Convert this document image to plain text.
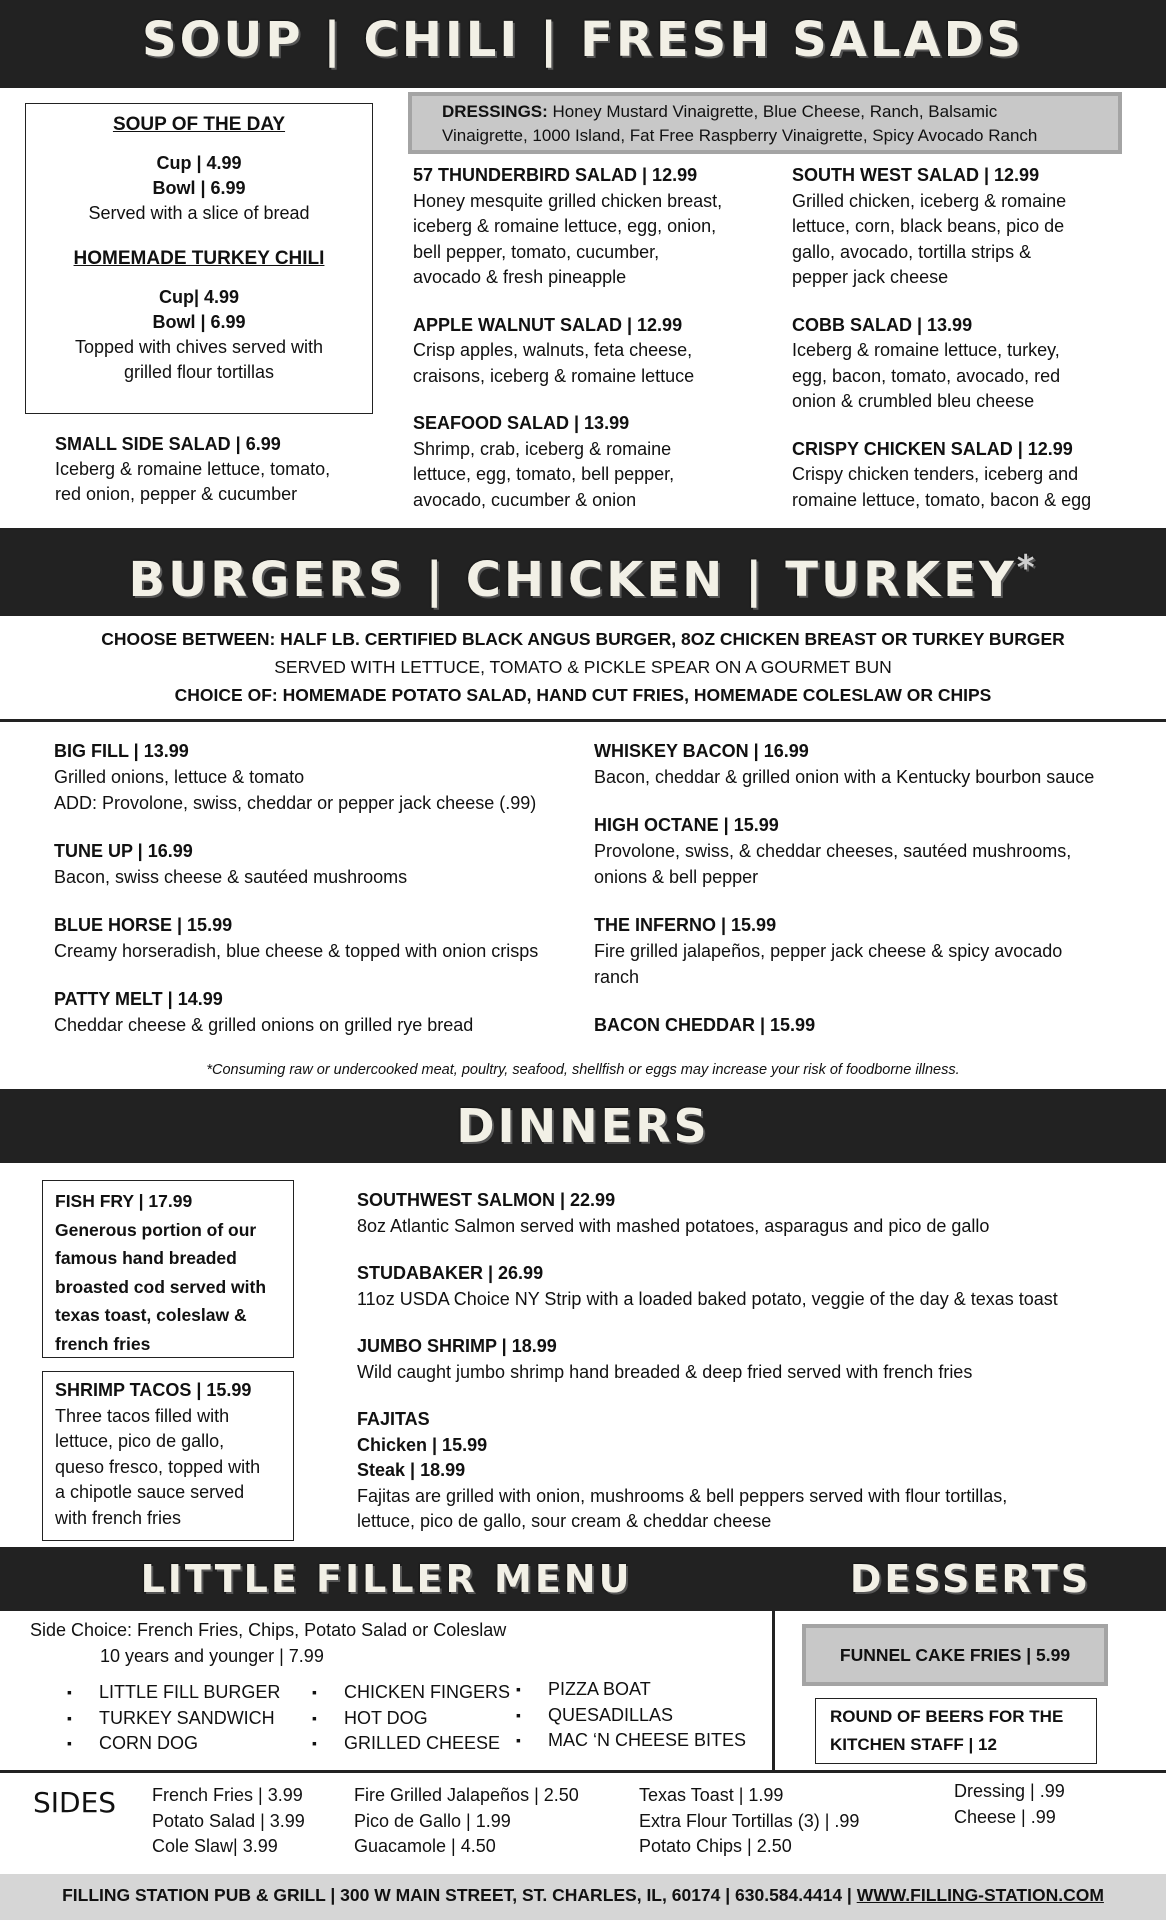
SOUP | CHILI | FRESH SALADS
SOUP OF THE DAY
Cup | 4.99
Bowl | 6.99
Served with a slice of bread
HOMEMADE TURKEY CHILI
Cup| 4.99
Bowl | 6.99
Topped with chives served with
grilled flour tortillas
SMALL SIDE SALAD | 6.99
Iceberg & romaine lettuce, tomato,
red onion, pepper & cucumber
DRESSINGS: Honey Mustard Vinaigrette, Blue Cheese, Ranch, Balsamic
Vinaigrette, 1000 Island, Fat Free Raspberry Vinaigrette, Spicy Avocado Ranch
57 THUNDERBIRD SALAD | 12.99
Honey mesquite grilled chicken breast,
iceberg & romaine lettuce, egg, onion,
bell pepper, tomato, cucumber,
avocado & fresh pineapple
APPLE WALNUT SALAD | 12.99
Crisp apples, walnuts, feta cheese,
craisons, iceberg & romaine lettuce
SEAFOOD SALAD | 13.99
Shrimp, crab, iceberg & romaine
lettuce, egg, tomato, bell pepper,
avocado, cucumber & onion
SOUTH WEST SALAD | 12.99
Grilled chicken, iceberg & romaine
lettuce, corn, black beans, pico de
gallo, avocado, tortilla strips &
pepper jack cheese
COBB SALAD | 13.99
Iceberg & romaine lettuce, turkey,
egg, bacon, tomato, avocado, red
onion & crumbled bleu cheese
CRISPY CHICKEN SALAD | 12.99
Crispy chicken tenders, iceberg and
romaine lettuce, tomato, bacon & egg
BURGERS | CHICKEN | TURKEY*
CHOOSE BETWEEN: HALF LB. CERTIFIED BLACK ANGUS BURGER, 8OZ CHICKEN BREAST OR TURKEY BURGER
SERVED WITH LETTUCE, TOMATO & PICKLE SPEAR ON A GOURMET BUN
CHOICE OF: HOMEMADE POTATO SALAD, HAND CUT FRIES, HOMEMADE COLESLAW OR CHIPS
BIG FILL | 13.99
Grilled onions, lettuce & tomato
ADD: Provolone, swiss, cheddar or pepper jack cheese (.99)
TUNE UP | 16.99
Bacon, swiss cheese & sautéed mushrooms
BLUE HORSE | 15.99
Creamy horseradish, blue cheese & topped with onion crisps
PATTY MELT | 14.99
Cheddar cheese & grilled onions on grilled rye bread
WHISKEY BACON | 16.99
Bacon, cheddar & grilled onion with a Kentucky bourbon sauce
HIGH OCTANE | 15.99
Provolone, swiss, & cheddar cheeses, sautéed mushrooms,
onions & bell pepper
THE INFERNO | 15.99
Fire grilled jalapeños, pepper jack cheese & spicy avocado
ranch
BACON CHEDDAR | 15.99
*Consuming raw or undercooked meat, poultry, seafood, shellfish or eggs may increase your risk of foodborne illness.
DINNERS
FISH FRY | 17.99
Generous portion of our
famous hand breaded
broasted cod served with
texas toast, coleslaw &
french fries
SHRIMP TACOS | 15.99
Three tacos filled with
lettuce, pico de gallo,
queso fresco, topped with
a chipotle sauce served
with french fries
SOUTHWEST SALMON | 22.99
8oz Atlantic Salmon served with mashed potatoes, asparagus and pico de gallo
STUDABAKER | 26.99
11oz USDA Choice NY Strip with a loaded baked potato, veggie of the day & texas toast
JUMBO SHRIMP | 18.99
Wild caught jumbo shrimp hand breaded & deep fried served with french fries
FAJITAS
Chicken | 15.99
Steak | 18.99
Fajitas are grilled with onion, mushrooms & bell peppers served with flour tortillas,
lettuce, pico de gallo, sour cream & cheddar cheese
LITTLE FILLER MENU	DESSERTS
Side Choice: French Fries, Chips, Potato Salad or Coleslaw
10 years and younger | 7.99
▪ LITTLE FILL BURGER
▪ TURKEY SANDWICH
▪ CORN DOG
▪ CHICKEN FINGERS
▪ HOT DOG
▪ GRILLED CHEESE
▪ PIZZA BOAT
▪ QUESADILLAS
▪ MAC ‘N CHEESE BITES
FUNNEL CAKE FRIES | 5.99
ROUND OF BEERS FOR THE
KITCHEN STAFF | 12
SIDES French Fries | 3.99
Potato Salad | 3.99
Cole Slaw| 3.99
Fire Grilled Jalapeños | 2.50
Pico de Gallo | 1.99
Guacamole | 4.50
Texas Toast | 1.99
Extra Flour Tortillas (3) | .99
Potato Chips | 2.50
Dressing | .99
Cheese | .99
FILLING STATION PUB & GRILL | 300 W MAIN STREET, ST. CHARLES, IL, 60174 | 630.584.4414 | WWW.FILLING-STATION.COM
